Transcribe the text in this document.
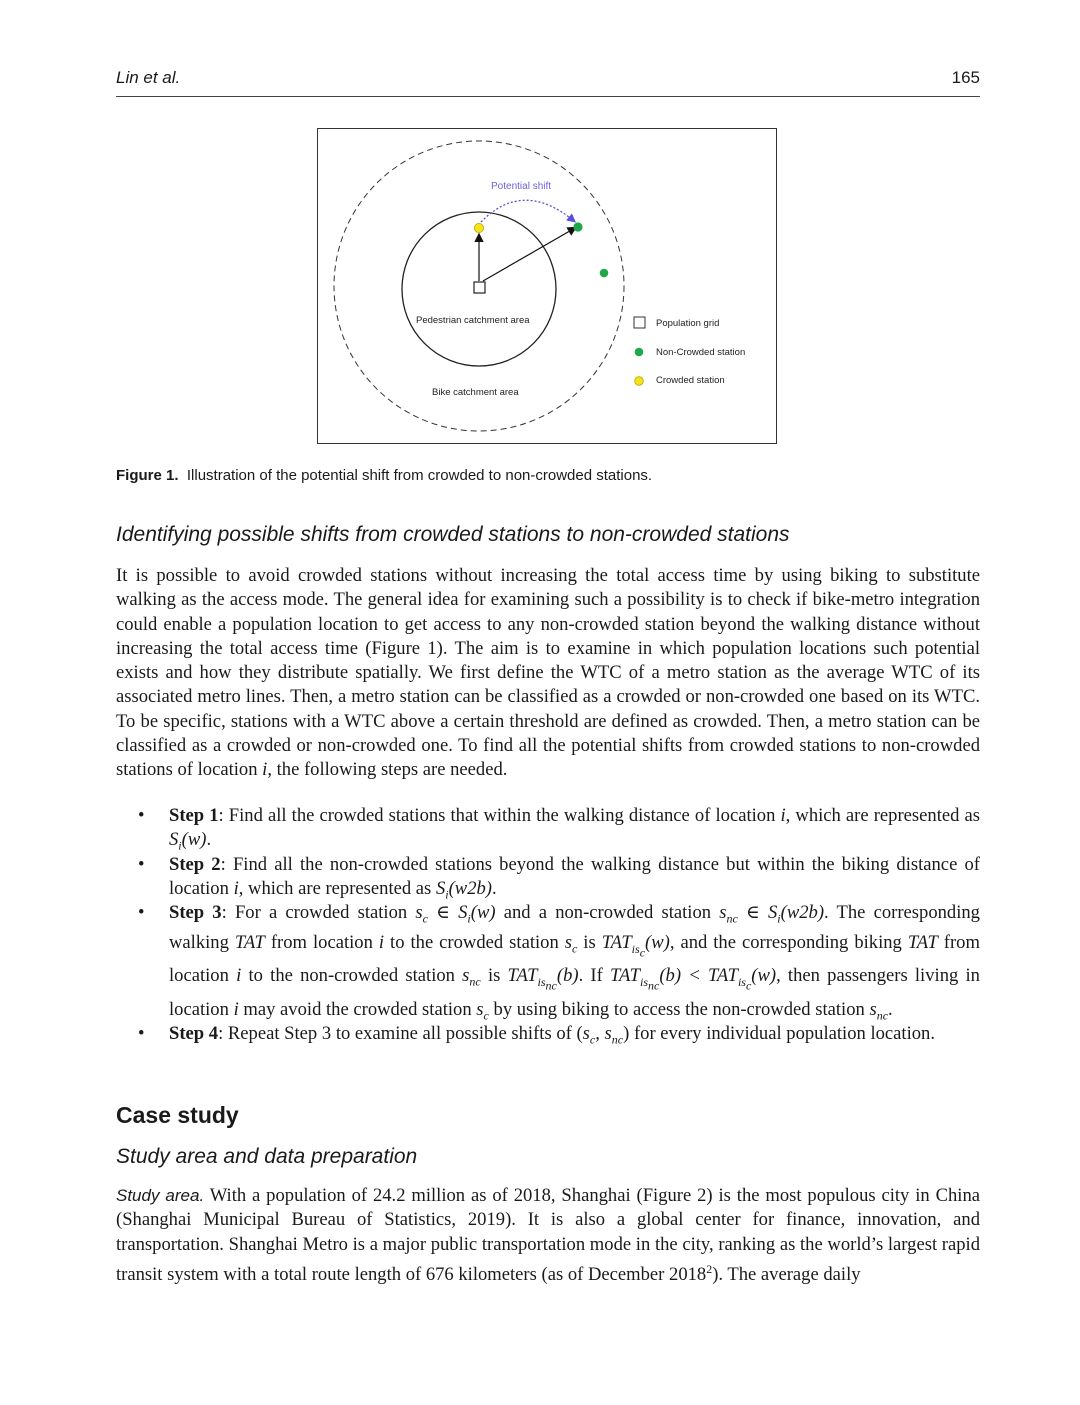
Lin et al.	165
Potential shift
Pedestrian catchment area
Bike catchment area
Population grid
Non-Crowded station
Crowded station
Figure 1. Illustration of the potential shift from crowded to non-crowded stations.
Identifying possible shifts from crowded stations to non-crowded stations
It is possible to avoid crowded stations without increasing the total access time by using biking to substitute walking as the access mode. The general idea for examining such a possibility is to check if bike-metro integration could enable a population location to get access to any non-crowded station beyond the walking distance without increasing the total access time (Figure 1). The aim is to examine in which population locations such potential exists and how they distribute spatially. We first define the WTC of a metro station as the average WTC of its associated metro lines. Then, a metro station can be classified as a crowded or non-crowded one based on its WTC. To be specific, stations with a WTC above a certain threshold are defined as crowded. Then, a metro station can be classified as a crowded or non-crowded one. To find all the potential shifts from crowded stations to non-crowded stations of location i, the following steps are needed.
• Step 1: Find all the crowded stations that within the walking distance of location i, which are represented as $S_i(w)$.
• Step 2: Find all the non-crowded stations beyond the walking distance but within the biking distance of location i, which are represented as $S_i(w2b)$.
• Step 3: For a crowded station $s_c$ ∈ $S_i(w)$ and a non-crowded station $s_{nc}$ ∈ $S_i(w2b)$. The corresponding walking TAT from location i to the crowded station $s_c$ is $TAT_{is_c}(w)$, and the corresponding biking TAT from location i to the non-crowded station $s_{nc}$ is $TAT_{is_{nc}}(b)$. If $TAT_{is_{nc}}(b) < TAT_{is_c}(w)$, then passengers living in location i may avoid the crowded station $s_c$ by using biking to access the non-crowded station $s_{nc}$.
• Step 4: Repeat Step 3 to examine all possible shifts of ($s_c$, $s_{nc}$) for every individual population location.
Case study
Study area and data preparation
Study area. With a population of 24.2 million as of 2018, Shanghai (Figure 2) is the most populous city in China (Shanghai Municipal Bureau of Statistics, 2019). It is also a global center for finance, innovation, and transportation. Shanghai Metro is a major public transportation mode in the city, ranking as the world’s largest rapid transit system with a total route length of 676 kilometers (as of December 2018$^2$). The average daily
